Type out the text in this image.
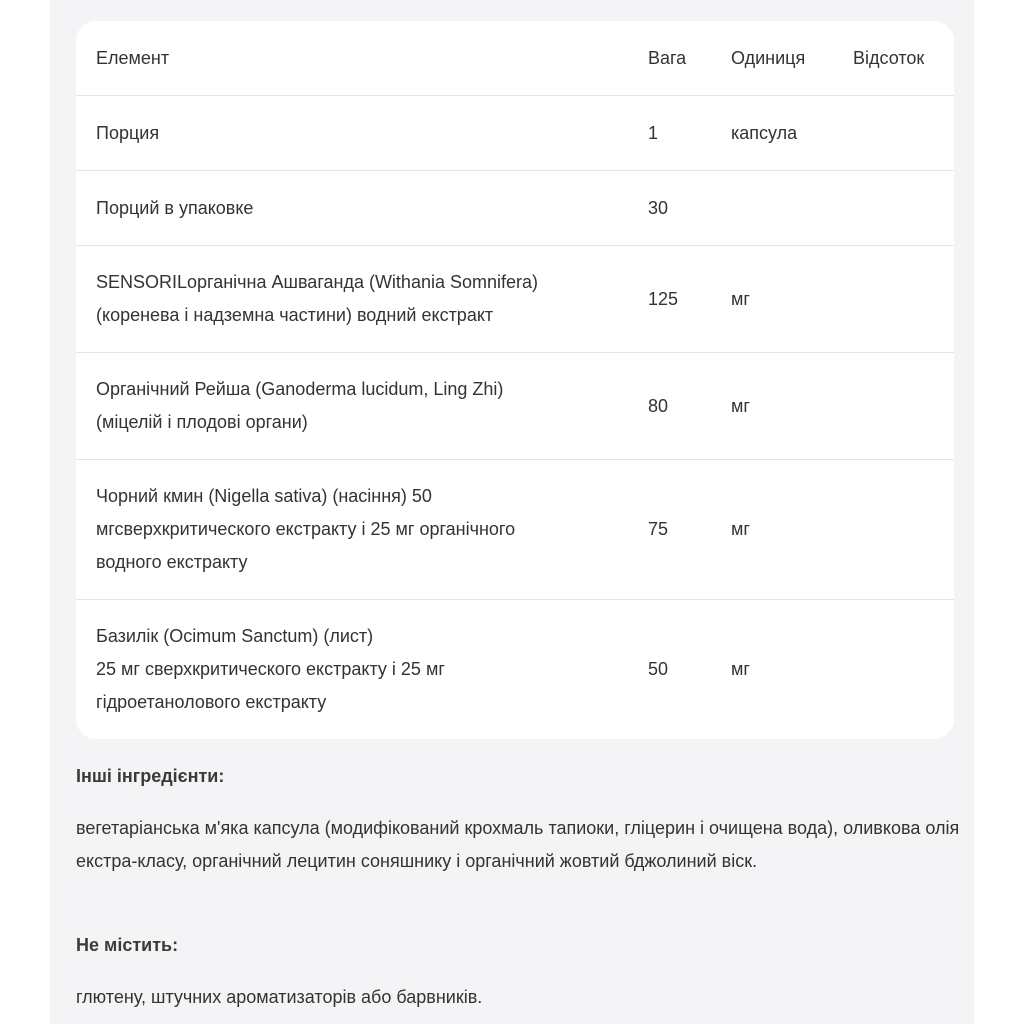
Елемент	Вага	Одиниця	Відсоток
Порция	1	капсула	
Порций в упаковке	30		
SENSORILорганічна Ашваганда (Withania Somnifera)
(коренева і надземна частини) водний екстракт	125	мг	
Органічний Рейша (Ganoderma lucidum, Ling Zhi)
(міцелій і плодові органи)	80	мг	
Чорний кмин (Nigella sativa) (насіння) 50
мгсверхкритического екстракту і 25 мг органічного
водного екстракту	75	мг	
Базилік (Ocimum Sanctum) (лист)
25 мг сверхкритического екстракту і 25 мг
гідроетанолового екстракту	50	мг	
Інші інгредієнти:
вегетаріанська м'яка капсула (модифікований крохмаль тапиоки, гліцерин і очищена вода), оливкова олія екстра-класу, органічний лецитин соняшнику і органічний жовтий бджолиний віск.
Не містить:
глютену, штучних ароматизаторів або барвників.
